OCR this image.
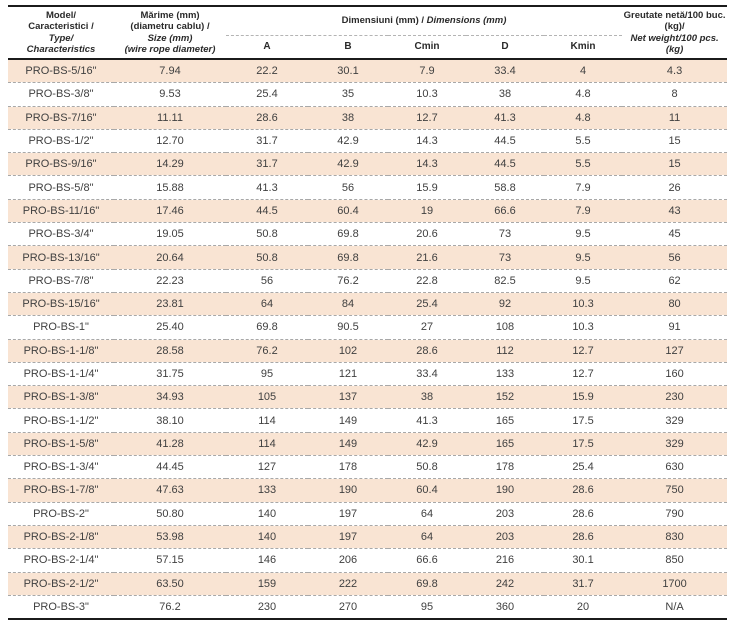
Model/
Caracteristici /
Type/
Characteristics	Mărime (mm)
(diametru cablu) /
Size (mm)
(wire rope diameter)	Dimensiuni (mm) / Dimensions (mm)					Greutate netă/100 buc.
(kg)/
Net weight/100 pcs.
(kg)

		A	B	Cmin	D	Kmin	
PRO-BS-5/16"	7.94	22.2	30.1	7.9	33.4	4	4.3
PRO-BS-3/8"	9.53	25.4	35	10.3	38	4.8	8
PRO-BS-7/16"	11.11	28.6	38	12.7	41.3	4.8	11
PRO-BS-1/2"	12.70	31.7	42.9	14.3	44.5	5.5	15
PRO-BS-9/16"	14.29	31.7	42.9	14.3	44.5	5.5	15
PRO-BS-5/8"	15.88	41.3	56	15.9	58.8	7.9	26
PRO-BS-11/16"	17.46	44.5	60.4	19	66.6	7.9	43
PRO-BS-3/4"	19.05	50.8	69.8	20.6	73	9.5	45
PRO-BS-13/16"	20.64	50.8	69.8	21.6	73	9.5	56
PRO-BS-7/8"	22.23	56	76.2	22.8	82.5	9.5	62
PRO-BS-15/16"	23.81	64	84	25.4	92	10.3	80
PRO-BS-1"	25.40	69.8	90.5	27	108	10.3	91
PRO-BS-1-1/8"	28.58	76.2	102	28.6	112	12.7	127
PRO-BS-1-1/4"	31.75	95	121	33.4	133	12.7	160
PRO-BS-1-3/8"	34.93	105	137	38	152	15.9	230
PRO-BS-1-1/2"	38.10	114	149	41.3	165	17.5	329
PRO-BS-1-5/8"	41.28	114	149	42.9	165	17.5	329
PRO-BS-1-3/4"	44.45	127	178	50.8	178	25.4	630
PRO-BS-1-7/8"	47.63	133	190	60.4	190	28.6	750
PRO-BS-2"	50.80	140	197	64	203	28.6	790
PRO-BS-2-1/8"	53.98	140	197	64	203	28.6	830
PRO-BS-2-1/4"	57.15	146	206	66.6	216	30.1	850
PRO-BS-2-1/2"	63.50	159	222	69.8	242	31.7	1700
PRO-BS-3"	76.2	230	270	95	360	20	N/A
